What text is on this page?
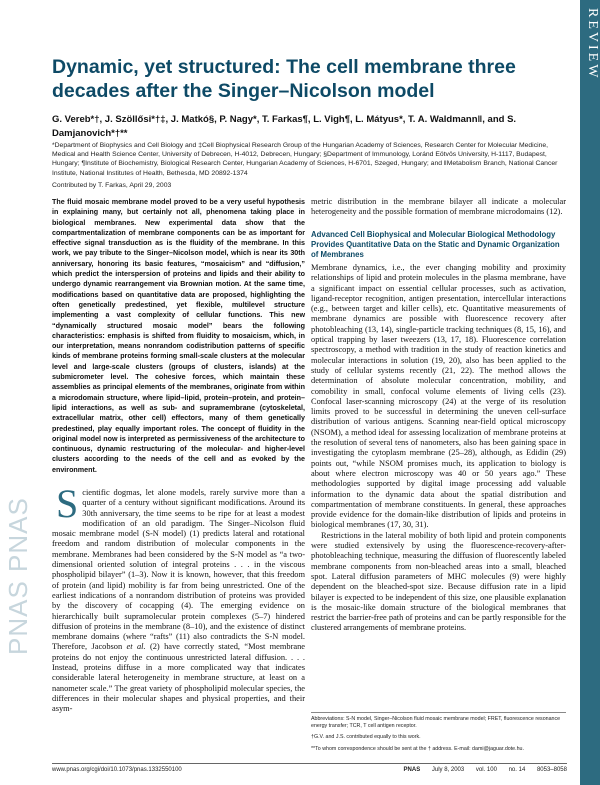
REVIEW
Dynamic, yet structured: The cell membrane three decades after the Singer–Nicolson model
G. Vereb*†, J. Szöllősi*†‡, J. Matkó§, P. Nagy*, T. Farkas¶, L. Vigh¶, L. Mátyus*, T. A. Waldmann‖, and S. Damjanovich*†**
*Department of Biophysics and Cell Biology and ‡Cell Biophysical Research Group of the Hungarian Academy of Sciences, Research Center for Molecular Medicine, Medical and Health Science Center, University of Debrecen, H-4012, Debrecen, Hungary; §Department of Immunology, Loránd Eötvös University, H-1117, Budapest, Hungary; ¶Institute of Biochemistry, Biological Research Center, Hungarian Academy of Sciences, H-6701, Szeged, Hungary; and ‖Metabolism Branch, National Cancer Institute, National Institutes of Health, Bethesda, MD 20892-1374
Contributed by T. Farkas, April 29, 2003
The fluid mosaic membrane model proved to be a very useful hypothesis in explaining many, but certainly not all, phenomena taking place in biological membranes. New experimental data show that the compartmentalization of membrane components can be as important for effective signal transduction as is the fluidity of the membrane. In this work, we pay tribute to the Singer–Nicolson model, which is near its 30th anniversary, honoring its basic features, “mosaicism” and “diffusion,” which predict the interspersion of proteins and lipids and their ability to undergo dynamic rearrangement via Brownian motion. At the same time, modifications based on quantitative data are proposed, highlighting the often genetically predestined, yet flexible, multilevel structure implementing a vast complexity of cellular functions. This new “dynamically structured mosaic model” bears the following characteristics: emphasis is shifted from fluidity to mosaicism, which, in our interpretation, means nonrandom codistribution patterns of specific kinds of membrane proteins forming small-scale clusters at the molecular level and large-scale clusters (groups of clusters, islands) at the submicrometer level. The cohesive forces, which maintain these assemblies as principal elements of the membranes, originate from within a microdomain structure, where lipid–lipid, protein–protein, and protein–lipid interactions, as well as sub- and supramembrane (cytoskeletal, extracellular matrix, other cell) effectors, many of them genetically predestined, play equally important roles. The concept of fluidity in the original model now is interpreted as permissiveness of the architecture to continuous, dynamic restructuring of the molecular- and higher-level clusters according to the needs of the cell and as evoked by the environment.
Scientific dogmas, let alone models, rarely survive more than a quarter of a century without significant modifications. Around its 30th anniversary, the time seems to be ripe for at least a modest modification of an old paradigm. The Singer–Nicolson fluid mosaic membrane model (S-N model) (1) predicts lateral and rotational freedom and random distribution of molecular components in the membrane. Membranes had been considered by the S-N model as “a two-dimensional oriented solution of integral proteins . . . in the viscous phospholipid bilayer” (1–3). Now it is known, however, that this freedom of protein (and lipid) mobility is far from being unrestricted. One of the earliest indications of a nonrandom distribution of proteins was provided by the discovery of cocapping (4). The emerging evidence on hierarchically built supramolecular protein complexes (5–7) hindered diffusion of proteins in the membrane (8–10), and the existence of distinct membrane domains (where “rafts” (11) also contradicts the S-N model. Therefore, Jacobson et al. (2) have correctly stated, “Most membrane proteins do not enjoy the continuous unrestricted lateral diffusion. . . . Instead, proteins diffuse in a more complicated way that indicates considerable lateral heterogeneity in membrane structure, at least on a nanometer scale.” The great variety of phospholipid molecular species, the differences in their molecular shapes and physical properties, and their asym-
metric distribution in the membrane bilayer all indicate a molecular heterogeneity and the possible formation of membrane microdomains (12).
Advanced Cell Biophysical and Molecular Biological Methodology Provides Quantitative Data on the Static and Dynamic Organization of Membranes

Membrane dynamics, i.e., the ever changing mobility and proximity relationships of lipid and protein molecules in the plasma membrane, have a significant impact on essential cellular processes, such as activation, ligand-receptor recognition, antigen presentation, intercellular interactions (e.g., between target and killer cells), etc. Quantitative measurements of membrane dynamics are possible with fluorescence recovery after photobleaching (13, 14), single-particle tracking techniques (8, 15, 16), and optical trapping by laser tweezers (13, 17, 18). Fluorescence correlation spectroscopy, a method with tradition in the study of reaction kinetics and molecular interactions in solution (19, 20), also has been applied to the study of cellular systems recently (21, 22). The method allows the determination of absolute molecular concentration, mobility, and comobility in small, confocal volume elements of living cells (23). Confocal laser-scanning microscopy (24) at the verge of its resolution limits proved to be successful in determining the uneven cell-surface distribution of various antigens. Scanning near-field optical microscopy (NSOM), a method ideal for assessing localization of membrane proteins at the resolution of several tens of nanometers, also has been gaining space in investigating the cytoplasm membrane (25–28), although, as Edidin (29) points out, “while NSOM promises much, its application to biology is about where electron microscopy was 40 or 50 years ago.” These methodologies supported by digital image processing add valuable information to the dynamic data about the spatial distribution and compartmentation of membrane constituents. In general, these approaches provide evidence for the domain-like distribution of lipids and proteins in biological membranes (17, 30, 31).

Restrictions in the lateral mobility of both lipid and protein components were studied extensively by using the fluorescence-recovery-after-photobleaching technique, measuring the diffusion of fluorescently labeled membrane components from non-bleached areas into a small, bleached spot. Lateral diffusion parameters of MHC molecules (9) were highly dependent on the bleached-spot size. Because diffusion rate in a lipid bilayer is expected to be independent of this size, one plausible explanation is the mosaic-like domain structure of the biological membranes that restrict the barrier-free path of proteins and can be partly responsible for the clustered arrangements of membrane proteins.

Abbreviations: S-N model, Singer–Nicolson fluid mosaic membrane model; FRET, fluorescence resonance energy transfer; TCR, T cell antigen receptor.
†G.V. and J.S. contributed equally to this work.
**To whom correspondence should be sent at the † address. E-mail: dami@jaguar.dote.hu.
www.pnas.org/cgi/doi/10.1073/pnas.1332550100	PNAS July 8, 2003 vol. 100 no. 14 8053–8058
PNAS PNAS
